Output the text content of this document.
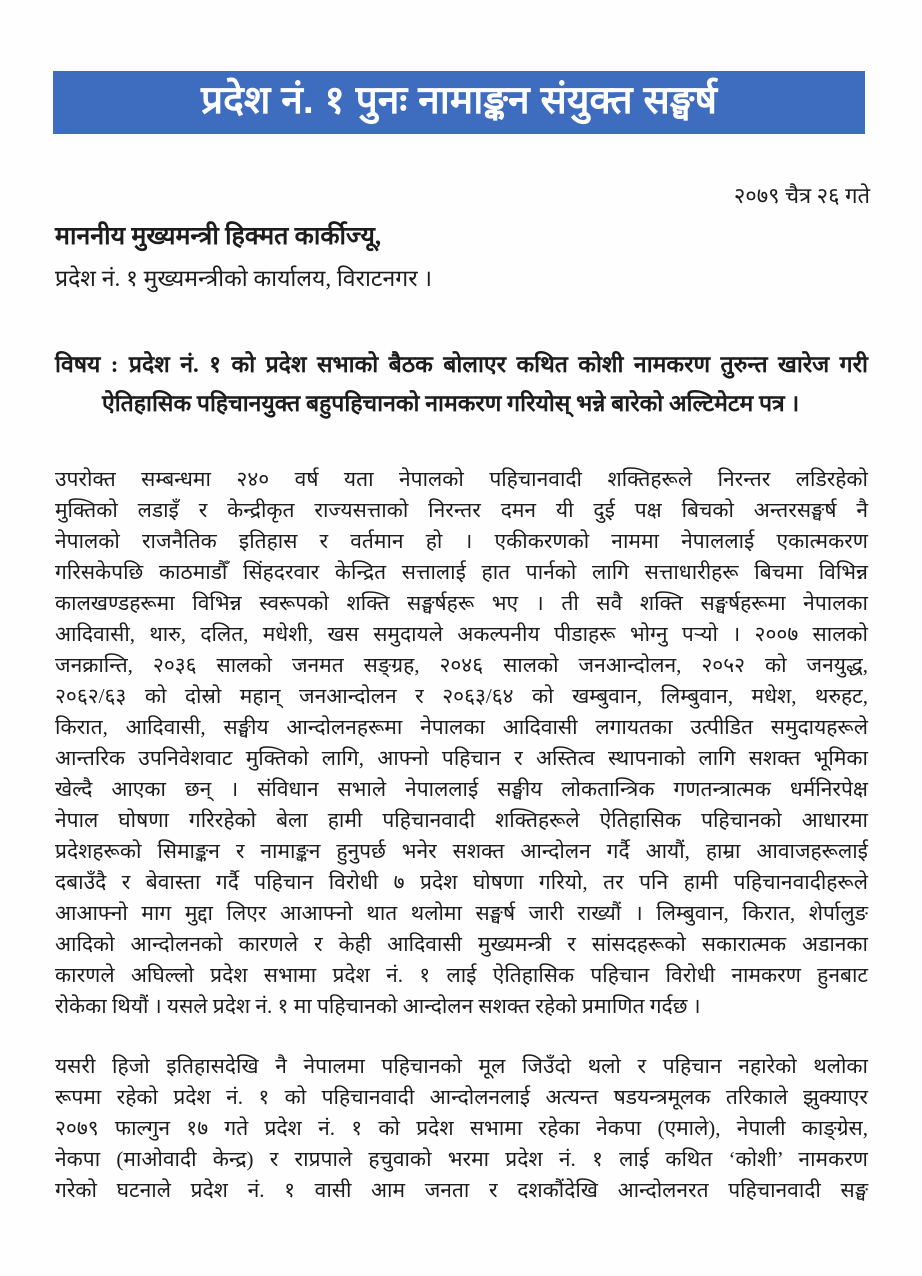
प्रदेश नं. १ पुनः नामाङ्कन संयुक्त सङ्घर्ष
२०७९ चैत्र २६ गते
माननीय मुख्यमन्त्री हिक्मत कार्कीज्यू,
प्रदेश नं. १ मुख्यमन्त्रीको कार्यालय, विराटनगर ।
विषय : प्रदेश नं. १ को प्रदेश सभाको बैठक बोलाएर कथित कोशी नामकरण तुरुन्त खारेज गरी
ऐतिहासिक पहिचानयुक्त बहुपहिचानको नामकरण गरियोस् भन्ने बारेको अल्टिमेटम पत्र ।
उपरोक्त सम्बन्धमा २४० वर्ष यता नेपालको पहिचानवादी शक्तिहरूले निरन्तर लडिरहेको
मुक्तिको लडाइँ र केन्द्रीकृत राज्यसत्ताको निरन्तर दमन यी दुई पक्ष बिचको अन्तरसङ्घर्ष नै
नेपालको राजनैतिक इतिहास र वर्तमान हो । एकीकरणको नाममा नेपाललाई एकात्मकरण
गरिसकेपछि काठमाडौँ सिंहदरवार केन्द्रित सत्तालाई हात पार्नको लागि सत्ताधारीहरू बिचमा विभिन्न
कालखण्डहरूमा विभिन्न स्वरूपको शक्ति सङ्घर्षहरू भए । ती सवै शक्ति सङ्घर्षहरूमा नेपालका
आदिवासी, थारु, दलित, मधेशी, खस समुदायले अकल्पनीय पीडाहरू भोग्नु पऱ्यो । २००७ सालको
जनक्रान्ति, २०३६ सालको जनमत सङ्ग्रह, २०४६ सालको जनआन्दोलन, २०५२ को जनयुद्ध,
२०६२/६३ को दोस्रो महान् जनआन्दोलन र २०६३/६४ को खम्बुवान, लिम्बुवान, मधेश, थरुहट,
किरात, आदिवासी, सङ्घीय आन्दोलनहरूमा नेपालका आदिवासी लगायतका उत्पीडित समुदायहरूले
आन्तरिक उपनिवेशवाट मुक्तिको लागि, आफ्नो पहिचान र अस्तित्व स्थापनाको लागि सशक्त भूमिका
खेल्दै आएका छन् । संविधान सभाले नेपाललाई सङ्घीय लोकतान्त्रिक गणतन्त्रात्मक धर्मनिरपेक्ष
नेपाल घोषणा गरिरहेको बेला हामी पहिचानवादी शक्तिहरूले ऐतिहासिक पहिचानको आधारमा
प्रदेशहरूको सिमाङ्कन र नामाङ्कन हुनुपर्छ भनेर सशक्त आन्दोलन गर्दै आयौं, हाम्रा आवाजहरूलाई
दबाउँदै र बेवास्ता गर्दै पहिचान विरोधी ७ प्रदेश घोषणा गरियो, तर पनि हामी पहिचानवादीहरूले
आआफ्नो माग मुद्दा लिएर आआफ्नो थात थलोमा सङ्घर्ष जारी राख्यौं । लिम्बुवान, किरात, शेर्पालुङ
आदिको आन्दोलनको कारणले र केही आदिवासी मुख्यमन्त्री र सांसदहरूको सकारात्मक अडानका
कारणले अघिल्लो प्रदेश सभामा प्रदेश नं. १ लाई ऐतिहासिक पहिचान विरोधी नामकरण हुनबाट
रोकेका थियौं । यसले प्रदेश नं. १ मा पहिचानको आन्दोलन सशक्त रहेको प्रमाणित गर्दछ ।
यसरी हिजो इतिहासदेखि नै नेपालमा पहिचानको मूल जिउँदो थलो र पहिचान नहारेको थलोका
रूपमा रहेको प्रदेश नं. १ को पहिचानवादी आन्दोलनलाई अत्यन्त षडयन्त्रमूलक तरिकाले झुक्याएर
२०७९ फाल्गुन १७ गते प्रदेश नं. १ को प्रदेश सभामा रहेका नेकपा (एमाले), नेपाली काङ्ग्रेस,
नेकपा (माओवादी केन्द्र) र राप्रपाले हचुवाको भरमा प्रदेश नं. १ लाई कथित ‘कोशी’ नामकरण
गरेको घटनाले प्रदेश नं. १ वासी आम जनता र दशकौंदेखि आन्दोलनरत पहिचानवादी सङ्घ
